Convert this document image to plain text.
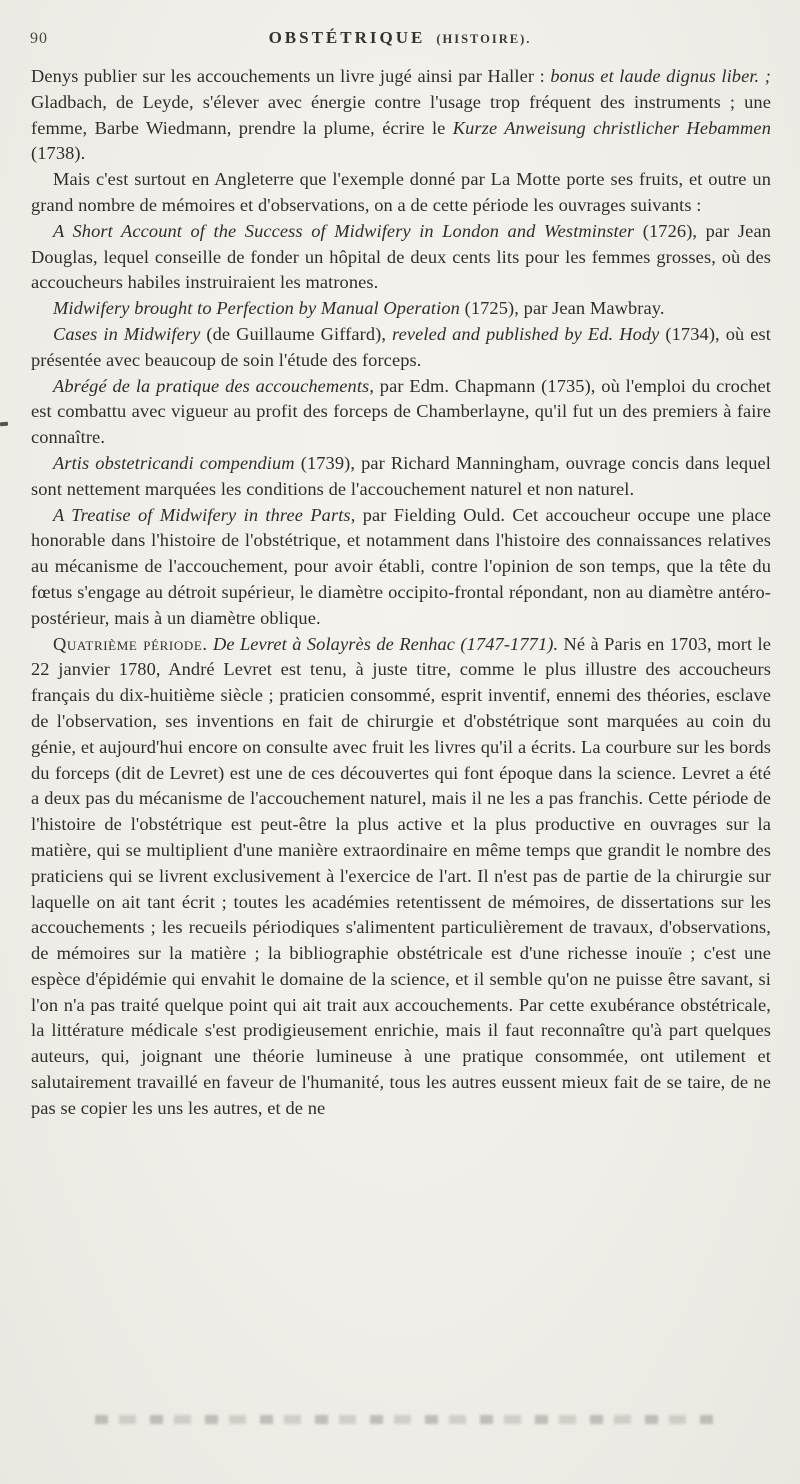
90	OBSTÉTRIQUE (HISTOIRE).

Denys publier sur les accouchements un livre jugé ainsi par Haller : bonus et laude dignus liber. ; Gladbach, de Leyde, s'élever avec énergie contre l'usage trop fréquent des instruments ; une femme, Barbe Wiedmann, prendre la plume, écrire le Kurze Anweisung christlicher Hebammen (1738).

Mais c'est surtout en Angleterre que l'exemple donné par La Motte porte ses fruits, et outre un grand nombre de mémoires et d'observations, on a de cette période les ouvrages suivants :

A Short Account of the Success of Midwifery in London and Westminster (1726), par Jean Douglas, lequel conseille de fonder un hôpital de deux cents lits pour les femmes grosses, où des accoucheurs habiles instruiraient les matrones.

Midwifery brought to Perfection by Manual Operation (1725), par Jean Mawbray.

Cases in Midwifery (de Guillaume Giffard), reveled and published by Ed. Hody (1734), où est présentée avec beaucoup de soin l'étude des forceps.

Abrégé de la pratique des accouchements, par Edm. Chapmann (1735), où l'emploi du crochet est combattu avec vigueur au profit des forceps de Chamberlayne, qu'il fut un des premiers à faire connaître.

Artis obstetricandi compendium (1739), par Richard Manningham, ouvrage concis dans lequel sont nettement marquées les conditions de l'accouchement naturel et non naturel.

A Treatise of Midwifery in three Parts, par Fielding Ould. Cet accoucheur occupe une place honorable dans l'histoire de l'obstétrique, et notamment dans l'histoire des connaissances relatives au mécanisme de l'accouchement, pour avoir établi, contre l'opinion de son temps, que la tête du fœtus s'engage au détroit supérieur, le diamètre occipito-frontal répondant, non au diamètre antéro-postérieur, mais à un diamètre oblique.

Quatrième période. De Levret à Solayrès de Renhac (1747-1771). Né à Paris en 1703, mort le 22 janvier 1780, André Levret est tenu, à juste titre, comme le plus illustre des accoucheurs français du dix-huitième siècle ; praticien consommé, esprit inventif, ennemi des théories, esclave de l'observation, ses inventions en fait de chirurgie et d'obstétrique sont marquées au coin du génie, et aujourd'hui encore on consulte avec fruit les livres qu'il a écrits. La courbure sur les bords du forceps (dit de Levret) est une de ces découvertes qui font époque dans la science. Levret a été a deux pas du mécanisme de l'accouchement naturel, mais il ne les a pas franchis. Cette période de l'histoire de l'obstétrique est peut-être la plus active et la plus productive en ouvrages sur la matière, qui se multiplient d'une manière extraordinaire en même temps que grandit le nombre des praticiens qui se livrent exclusivement à l'exercice de l'art. Il n'est pas de partie de la chirurgie sur laquelle on ait tant écrit ; toutes les académies retentissent de mémoires, de dissertations sur les accouchements ; les recueils périodiques s'alimentent particulièrement de travaux, d'observations, de mémoires sur la matière ; la bibliographie obstétricale est d'une richesse inouïe ; c'est une espèce d'épidémie qui envahit le domaine de la science, et il semble qu'on ne puisse être savant, si l'on n'a pas traité quelque point qui ait trait aux accouchements. Par cette exubérance obstétricale, la littérature médicale s'est prodigieusement enrichie, mais il faut reconnaître qu'à part quelques auteurs, qui, joignant une théorie lumineuse à une pratique consommée, ont utilement et salutairement travaillé en faveur de l'humanité, tous les autres eussent mieux fait de se taire, de ne pas se copier les uns les autres, et de ne
